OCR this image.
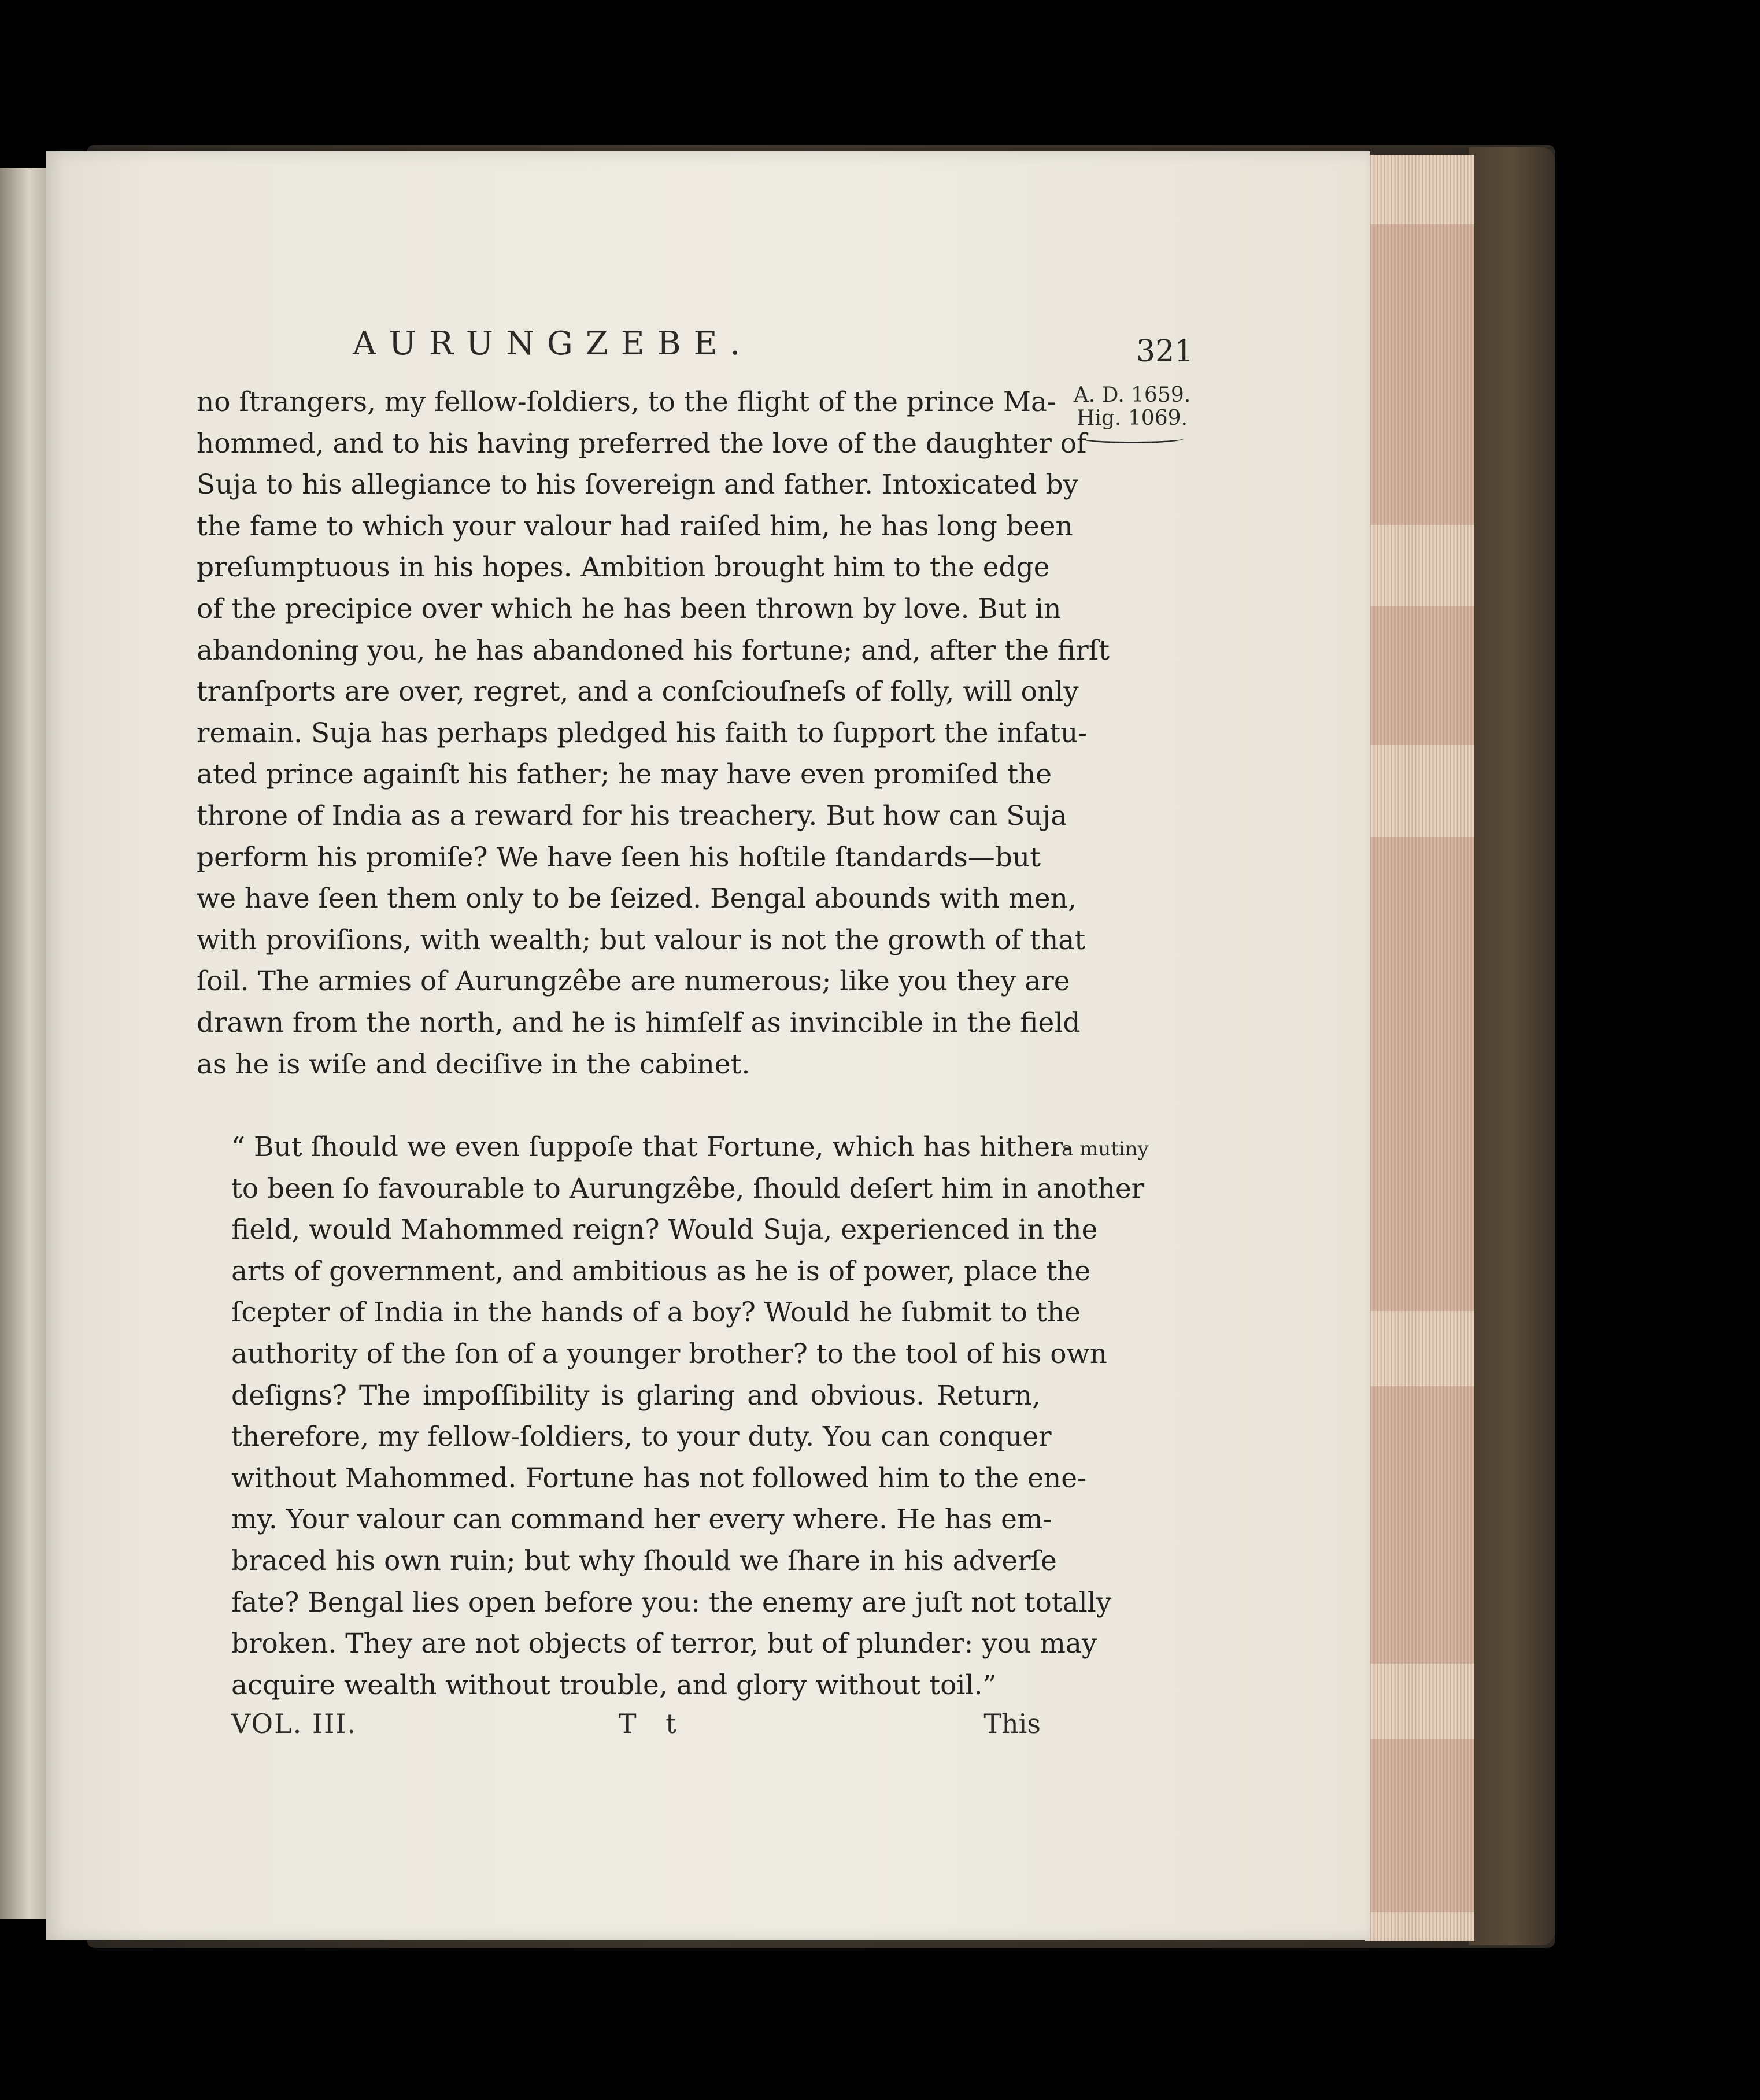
AURUNGZEBE.	321
A. D. 1659.
Hig. 1069.
a mutiny

no ſtrangers, my fellow-ſoldiers, to the flight of the prince Ma-
hommed, and to his having preferred the love of the daughter of
Suja to his allegiance to his ſovereign and father. Intoxicated by
the fame to which your valour had raiſed him, he has long been
preſumptuous in his hopes. Ambition brought him to the edge
of the precipice over which he has been thrown by love. But in
abandoning you, he has abandoned his fortune; and, after the firſt
tranſports are over, regret, and a conſciouſneſs of folly, will only
remain. Suja has perhaps pledged his faith to ſupport the infatu-
ated prince againſt his father; he may have even promiſed the
throne of India as a reward for his treachery. But how can Suja
perform his promiſe? We have ſeen his hoſtile ſtandards—but
we have ſeen them only to be ſeized. Bengal abounds with men,
with proviſions, with wealth; but valour is not the growth of that
ſoil. The armies of Aurungzêbe are numerous; like you they are
drawn from the north, and he is himſelf as invincible in the field
as he is wiſe and deciſive in the cabinet.

“ But ſhould we even ſuppoſe that Fortune, which has hither-
to been ſo favourable to Aurungzêbe, ſhould deſert him in another
field, would Mahommed reign? Would Suja, experienced in the
arts of government, and ambitious as he is of power, place the
ſcepter of India in the hands of a boy? Would he ſubmit to the
authority of the ſon of a younger brother? to the tool of his own
deſigns? The impoſſibility is glaring and obvious. Return,
therefore, my fellow-ſoldiers, to your duty. You can conquer
without Mahommed. Fortune has not followed him to the ene-
my. Your valour can command her every where. He has em-
braced his own ruin; but why ſhould we ſhare in his adverſe
fate? Bengal lies open before you: the enemy are juſt not totally
broken. They are not objects of terror, but of plunder: you may
acquire wealth without trouble, and glory without toil.”

VOL. III.	T t	This
